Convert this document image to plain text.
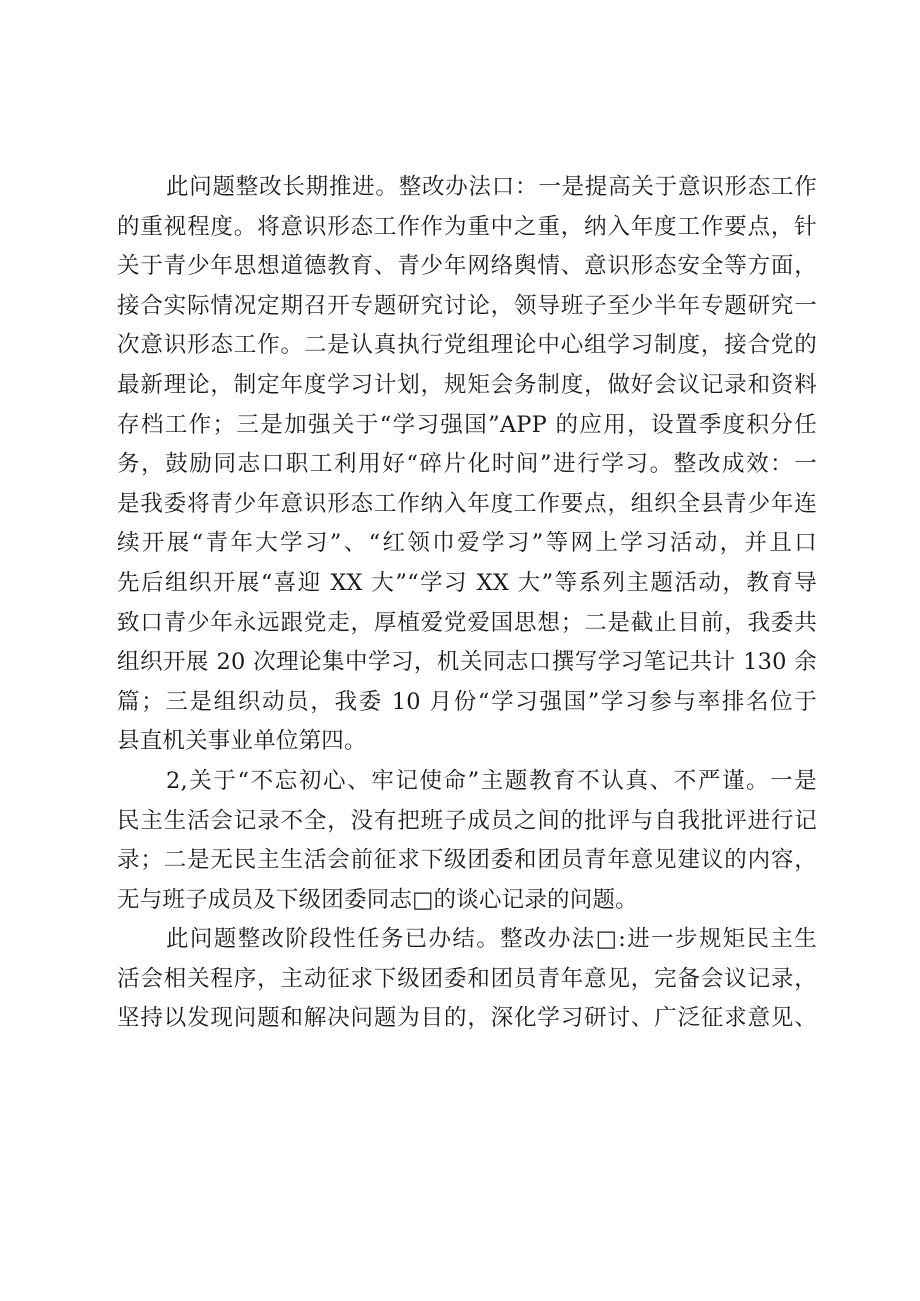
此问题整改长期推进。整改办法口：一是提高关于意识形态工作
的重视程度。将意识形态工作作为重中之重，纳入年度工作要点，针
关于青少年思想道德教育、青少年网络舆情、意识形态安全等方面，
接合实际情况定期召开专题研究讨论，领导班子至少半年专题研究一
次意识形态工作。二是认真执行党组理论中心组学习制度，接合党的
最新理论，制定年度学习计划，规矩会务制度，做好会议记录和资料
存档工作；三是加强关于“学习强国”APP 的应用，设置季度积分任
务，鼓励同志口职工利用好“碎片化时间”进行学习。整改成效：一
是我委将青少年意识形态工作纳入年度工作要点，组织全县青少年连
续开展“青年大学习”、“红领巾爱学习”等网上学习活动，并且口
先后组织开展“喜迎 XX 大”“学习 XX 大”等系列主题活动，教育导
致口青少年永远跟党走，厚植爱党爱国思想；二是截止目前，我委共
组织开展 20 次理论集中学习，机关同志口撰写学习笔记共计 130 余
篇；三是组织动员，我委 10 月份“学习强国”学习参与率排名位于
县直机关事业单位第四。
2,关于“不忘初心、牢记使命”主题教育不认真、不严谨。一是
民主生活会记录不全，没有把班子成员之间的批评与自我批评进行记
录；二是无民主生活会前征求下级团委和团员青年意见建议的内容，
无与班子成员及下级团委同志□的谈心记录的问题。
此问题整改阶段性任务已办结。整改办法□:进一步规矩民主生
活会相关程序，主动征求下级团委和团员青年意见，完备会议记录，
坚持以发现问题和解决问题为目的，深化学习研讨、广泛征求意见、
